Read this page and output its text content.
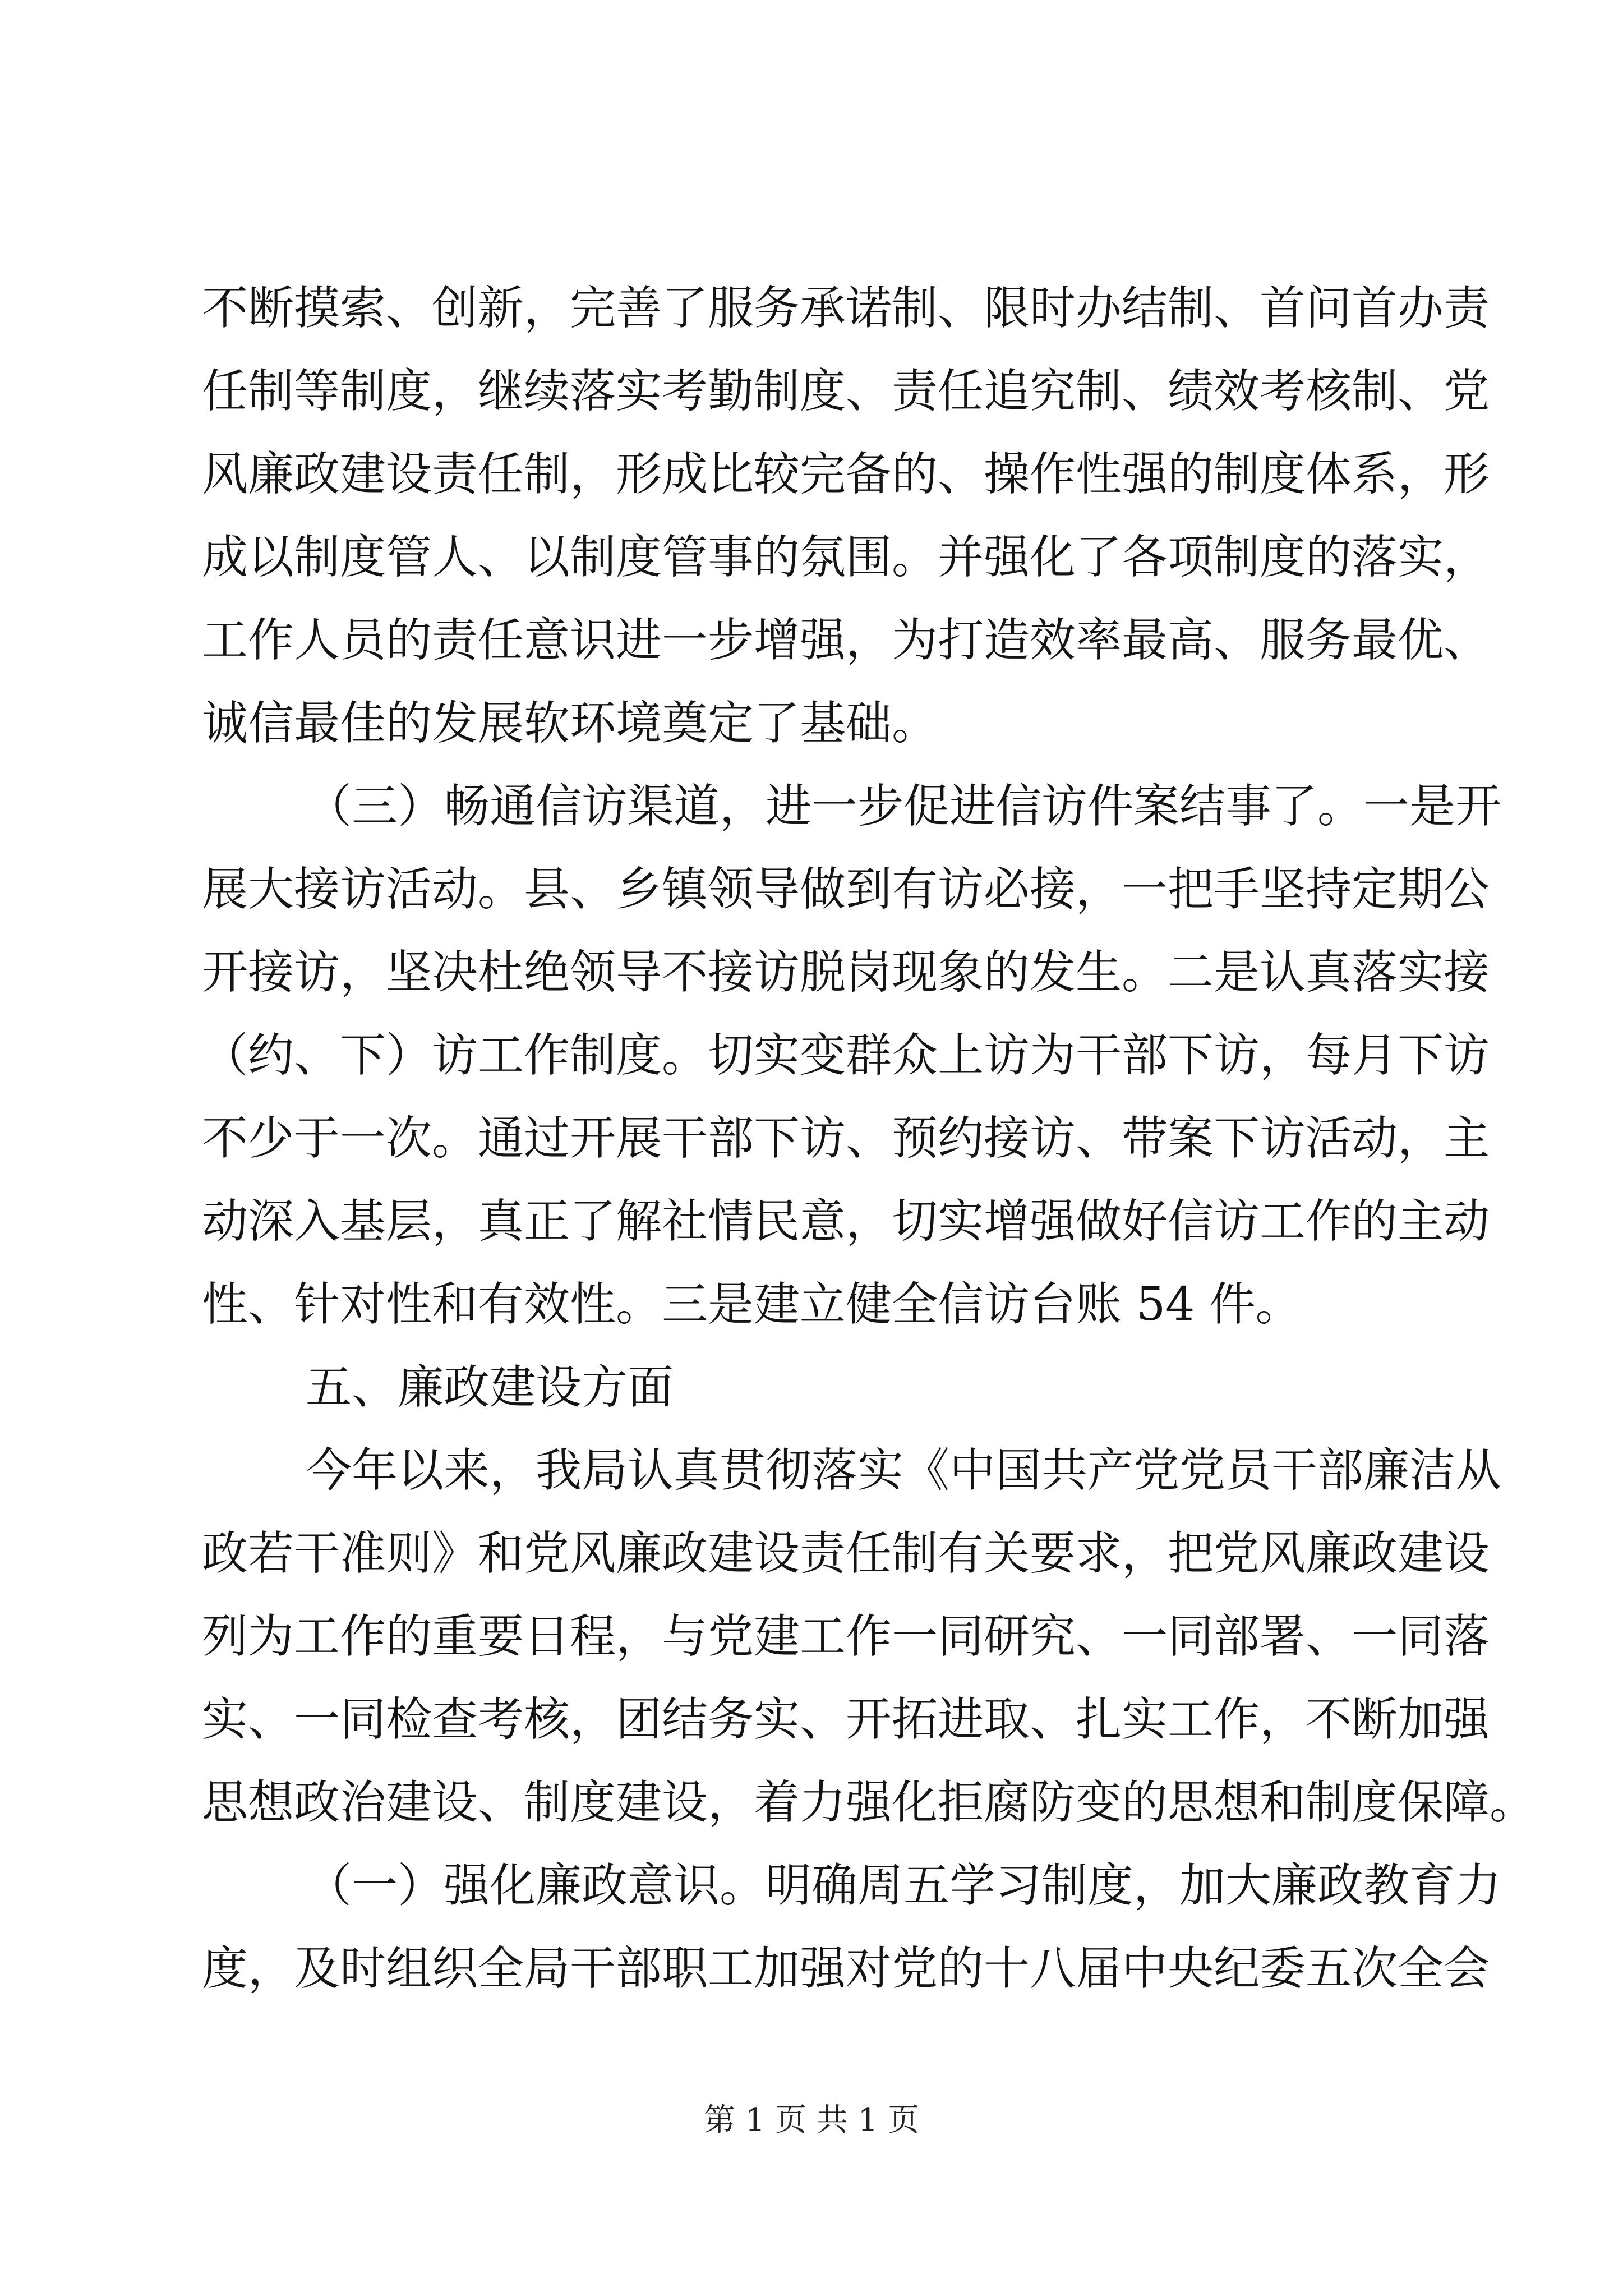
不断摸索、创新，完善了服务承诺制、限时办结制、首问首办责
任制等制度，继续落实考勤制度、责任追究制、绩效考核制、党
风廉政建设责任制，形成比较完备的、操作性强的制度体系，形
成以制度管人、以制度管事的氛围。并强化了各项制度的落实，
工作人员的责任意识进一步增强，为打造效率最高、服务最优、
诚信最佳的发展软环境奠定了基础。
（三）畅通信访渠道，进一步促进信访件案结事了。一是开
展大接访活动。县、乡镇领导做到有访必接，一把手坚持定期公
开接访，坚决杜绝领导不接访脱岗现象的发生。二是认真落实接
（约、下）访工作制度。切实变群众上访为干部下访，每月下访
不少于一次。通过开展干部下访、预约接访、带案下访活动，主
动深入基层，真正了解社情民意，切实增强做好信访工作的主动
性、针对性和有效性。三是建立健全信访台账 54 件。
五、廉政建设方面
今年以来，我局认真贯彻落实《中国共产党党员干部廉洁从
政若干准则》和党风廉政建设责任制有关要求，把党风廉政建设
列为工作的重要日程，与党建工作一同研究、一同部署、一同落
实、一同检查考核，团结务实、开拓进取、扎实工作，不断加强
思想政治建设、制度建设，着力强化拒腐防变的思想和制度保障。
（一）强化廉政意识。明确周五学习制度，加大廉政教育力
度，及时组织全局干部职工加强对党的十八届中央纪委五次全会
第 1 页 共 1 页
